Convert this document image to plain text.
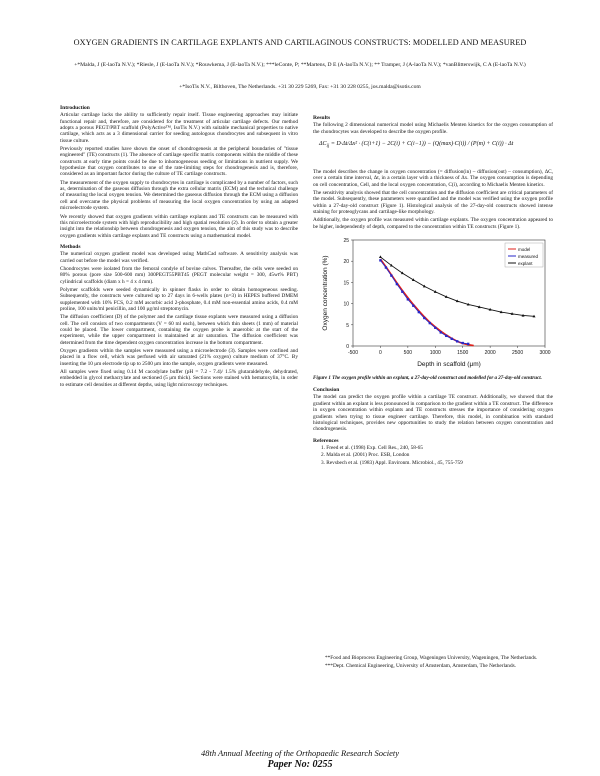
OXYGEN GRADIENTS IN CARTILAGE EXPLANTS AND CARTILAGINOUS CONSTRUCTS: MODELLED AND MEASURED
+*Malda, J (E-laoTa N.V.); *Riesle, J (E-laoTa N.V.); *Rouwkema, J (E-laoTa N.V.); ***leConte, P; **Martens, D E (A-laoTa N.V.); ** Tramper, J (A-laoTa N.V.); *vanBlitterswijk, C A (E-laoTa N.V.)
+*IsoTis N.V., Bilthoven, The Netherlands. +31 30 229 5269, Fax: +31 30 228 0255, jos.malda@isotis.com
Introduction

Articular cartilage lacks the ability to sufficiently repair itself. Tissue engineering approaches may initiate functional repair and, therefore, are considered for the treatment of articular cartilage defects. Our method adopts a porous PEGT/PBT scaffold (PolyActive™, IsoTis N.V.) with suitable mechanical properties to native cartilage, which acts as a 3 dimensional carrier for seeding autologous chondrocytes and subsequent in vitro tissue culture.

Previously reported studies have shown the onset of chondrogenesis at the peripheral boundaries of "tissue engineered" (TE) constructs (1). The absence of cartilage specific matrix components within the middle of these constructs at early time points could be due to inhomogeneous seeding or limitations in nutrient supply. We hypothesize that oxygen contributes to one of the rate-limiting steps for chondrogenesis and is, therefore, considered as an important factor during the culture of TE cartilage constructs.

The measurement of the oxygen supply to chondrocytes in cartilage is complicated by a number of factors, such as, determination of the gaseous diffusion through the extra cellular matrix (ECM) and the technical challenge of measuring the local oxygen tension. We determined the gaseous diffusion through the ECM using a diffusion cell and overcame the physical problems of measuring the local oxygen concentration by using an adapted microelectrode system.

We recently showed that oxygen gradients within cartilage explants and TE constructs can be measured with this microelectrode system with high reproducibility and high spatial resolution (2). In order to obtain a greater insight into the relationship between chondrogenesis and oxygen tension, the aim of this study was to describe oxygen gradients within cartilage explants and TE constructs using a mathematical model.

Methods

The numerical oxygen gradient model was developed using MathCad software. A sensitivity analysis was carried out before the model was verified.

Chondrocytes were isolated from the femoral condyle of bovine calves. Thereafter, the cells were seeded on 80% porous (pore size 500-600 mm) 300PEGT55PBT45 (PEGT molecular weight = 300, 45wt% PBT) cylindrical scaffolds (diam x h = 4 x 4 mm).

Polymer scaffolds were seeded dynamically in spinner flasks in order to obtain homogeneous seeding. Subsequently, the constructs were cultured up to 27 days in 6-wells plates (n=3) in HEPES buffered DMEM supplemented with 10% FCS, 0.2 mM ascorbic acid 2-phosphate, 0.4 mM non-essential amino acids, 0.4 mM proline, 100 units/ml penicillin, and 100 μg/ml streptomycin.

The diffusion coefficient (D) of the polymer and the cartilage tissue explants were measured using a diffusion cell. The cell consists of two compartments (V = 60 ml each), between which thin sheets (1 mm) of material could be placed. The lower compartment, containing the oxygen probe is anaerobic at the start of the experiment, while the upper compartment is maintained at air saturation. The diffusion coefficient was determined from the time dependent oxygen concentration increase in the bottom compartment.

Oxygen gradients within the samples were measured using a microelectrode (3). Samples were confined and placed in a flow cell, which was perfused with air saturated (21% oxygen) culture medium of 37°C. By inserting the 10 μm electrode tip up to 2500 μm into the sample, oxygen gradients were measured.

All samples were fixed using 0.14 M cacodylate buffer (pH = 7.2 - 7.4)/ 1.5% glutaraldehyde, dehydrated, embedded in glycol methacrylate and sectioned (5 μm thick). Sections were stained with hematoxylin, in order to estimate cell densities at different depths, using light microscopy techniques.

Results

The following 2 dimensional numerical model using Michaelis Menten kinetics for the oxygen consumption of the chondrocytes was developed to describe the oxygen profile.

$\Delta C_{ij} = D\cdot\Delta t/\Delta x^2 \cdot (C(i+1) - 2C(i) + C(i-1)) - (Q(\max)\cdot C(i)) / (P(m) + C(i)) \cdot \Delta t$

The model describes the change in oxygen concentration (= diffusion(in) – diffusion(out) – consumption), ΔC, over a certain time interval, Δt, in a certain layer with a thickness of Δx. The oxygen consumption is depending on cell concentration, Cell, and the local oxygen concentration, C(i), according to Michaelis Menten kinetics.

The sensitivity analysis showed that the cell concentration and the diffusion coefficient are critical parameters of the model. Subsequently, these parameters were quantified and the model was verified using the oxygen profile within a 27-day-old construct (Figure 1). Histological analysis of the 27-day-old constructs showed intense staining for proteoglycans and cartilage-like morphology.

Additionally, the oxygen profile was measured within cartilage explants. The oxygen concentration appeared to be higher, independently of depth, compared to the concentration within TE constructs (Figure 1).

0
5
10
15
20
25
-500	0	500	1000	1500	2000	2500	3000
Depth in scaffold (μm)
Oxygen concentration (%)
model
measured
explant
Figure 1 The oxygen profile within an explant, a 27-day-old construct and modelled for a 27-day-old construct.
Conclusion

The model can predict the oxygen profile within a cartilage TE construct. Additionally, we showed that the gradient within an explant is less pronounced in comparison to the gradient within a TE construct. The difference in oxygen concentration within explants and TE constructs stresses the importance of considering oxygen gradients when trying to tissue engineer cartilage. Therefore, this model, in combination with standard histological techniques, provides new opportunities to study the relation between oxygen concentration and chondrogenesis.

References

1. Freed et al. (1998) Exp. Cell Res., 240, 58-65

2. Malda et al. (2001) Proc. ESB, London

3. Revsbech et al. (1983) Appl. Environm. Microbiol., 45, 755-759

**Food and Bioprocess Engineering Group, Wageningen University, Wageningen, The Netherlands.

***Dept. Chemical Engineering, University of Amsterdam, Amsterdam, The Netherlands.

48th Annual Meeting of the Orthopaedic Research Society
Paper No: 0255
